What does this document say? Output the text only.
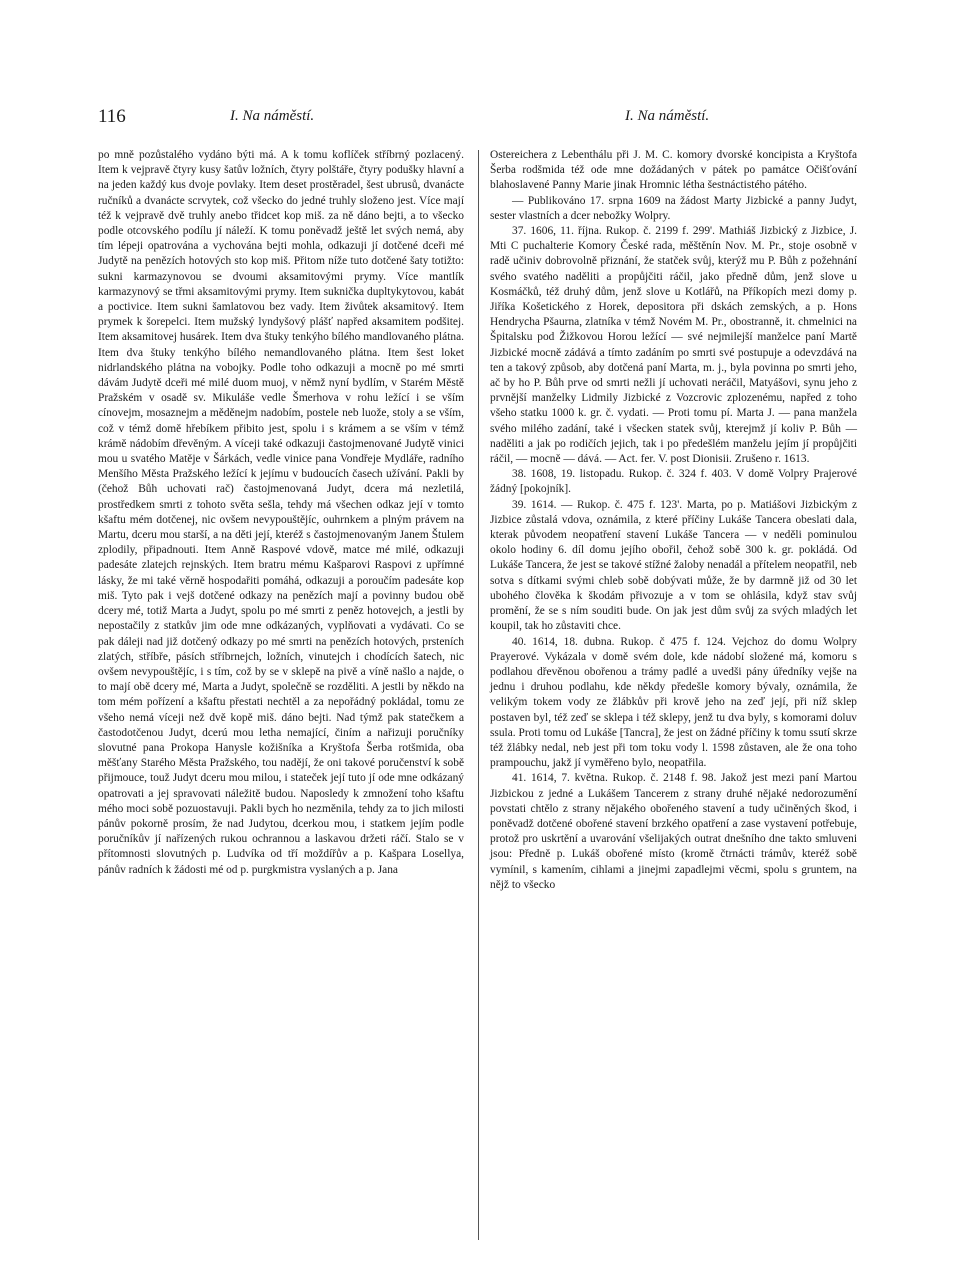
116	I. Na náměstí.	I. Na náměstí.

po mně pozůstalého vydáno býti má. A k tomu koflíček stříbrný pozlacený. Item k vejpravě čtyry kusy šatův ložních, čtyry polštáře, čtyry podušky hlavní a na jeden každý kus dvoje povlaky. Item deset prostěradel, šest ubrusů, dvanácte ručníků a dvanácte scrvytek, což všecko do jedné truhly složeno jest. Více mají též k vejpravě dvě truhly anebo třidcet kop miš. za ně dáno bejti, a to všecko podle otcovského podílu jí náleží. K tomu poněvadž ještě let svých nemá, aby tím lépeji opatrována a vychována bejti mohla, odkazuji jí dotčené dceři mé Judytě na penězích hotových sto kop miš. Přitom níže tuto dotčené šaty totižto: sukni karmazynovou se dvoumi aksamitovými prymy. Více mantlík karmazynový se třmi aksamitovými prymy. Item suknička dupltykytovou, kabát a poctivice. Item sukni šamlatovou bez vady. Item živůtek aksamitový. Item prymek k šorepelci. Item mužský lyndyšový plášť napřed aksamitem podšitej. Item aksamitovej husárek. Item dva štuky tenkýho bílého mandlovaného plátna. Item dva štuky tenkýho bílého nemandlovaného plátna. Item šest loket nidrlandského plátna na vobojky. Podle toho odkazuji a mocně po mé smrti dávám Judytě dceři mé milé duom muoj, v němž nyní bydlím, v Starém Městě Pražském v osadě sv. Mikuláše vedle Šmerhova v rohu ležící i se vším cínovejm, mosaznejm a měděnejm nadobím, postele neb luože, stoly a se vším, což v témž domě hřebíkem přibito jest, spolu i s krámem a se vším v témž krámě nádobím dřevěným. A víceji také odkazuji častojmenované Judytě vinici mou u svatého Matěje v Šárkách, vedle vinice pana Vondřeje Mydláře, radního Menšího Města Pražského ležící k jejímu v budoucích časech užívání. Pakli by (čehož Bůh uchovati rač) častojmenovaná Judyt, dcera má nezletilá, prostředkem smrti z tohoto světa sešla, tehdy má všechen odkaz její v tomto kšaftu mém dotčenej, nic ovšem nevypouštějíc, ouhrnkem a plným právem na Martu, dceru mou starší, a na děti její, kteréž s častojmenovaným Janem Štulem zplodily, připadnouti. Item Anně Raspové vdově, matce mé milé, odkazuji padesáte zlatejch rejnských. Item bratru mému Kašparovi Raspovi z upřímné lásky, že mi také věrně hospodařiti pomáhá, odkazuji a poroučím padesáte kop miš. Tyto pak i vejš dotčené odkazy na penězích mají a povinny budou obě dcery mé, totiž Marta a Judyt, spolu po mé smrti z peněz hotovejch, a jestli by nepostačily z statkův jim ode mne odkázaných, vyplňovati a vydávati. Co se pak dáleji nad již dotčený odkazy po mé smrti na penězích hotových, prsteních zlatých, stříbře, pásích stříbrnejch, ložních, vinutejch i chodících šatech, nic ovšem nevypouštějíc, i s tím, což by se v sklepě na pivě a víně našlo a najde, o to mají obě dcery mé, Marta a Judyt, společně se rozděliti. A jestli by někdo na tom mém pořízení a kšaftu přestati nechtěl a za nepořádný pokládal, tomu ze všeho nemá víceji než dvě kopě miš. dáno bejti. Nad týmž pak statečkem a častodotčenou Judyt, dcerú mou letha nemající, činím a nařizuji poručníky slovutné pana Prokopa Hanysle kožišníka a Kryštofa Šerba rotšmida, oba měšťany Starého Města Pražského, tou nadějí, že oni takové poručenství k sobě přijmouce, touž Judyt dceru mou milou, i stateček její tuto jí ode mne odkázaný opatrovati a jej spravovati náležitě budou. Naposledy k zmnožení toho kšaftu mého moci sobě pozuostavuji. Pakli bych ho nezměnila, tehdy za to jich milosti pánův pokorně prosím, že nad Judytou, dcerkou mou, i statkem jejím podle poručníkův jí nařízených rukou ochrannou a laskavou držeti ráčí. Stalo se v přítomnosti slovutných p. Ludvíka od tří moždířův a p. Kašpara Losellya, pánův radních k žádosti mé od p. purgkmistra vyslaných a p. Jana

Ostereichera z Lebenthálu při J. M. C. komory dvorské koncipista a Kryštofa Šerba rodšmida též ode mne dožádaných v pátek po památce Očišťování blahoslavené Panny Marie jinak Hromnic létha šestnáctistého pátého.

— Publikováno 17. srpna 1609 na žádost Marty Jizbické a panny Judyt, sester vlastních a dcer nebožky Wolpry.

37. 1606, 11. října. Rukop. č. 2199 f. 299'. Mathiáš Jizbický z Jizbice, J. Mti C puchalterie Komory České rada, měštěnín Nov. M. Pr., stoje osobně v radě učiniv dobrovolně přiznání, že statček svůj, kterýž mu P. Bůh z požehnání svého svatého naděliti a propůjčiti ráčil, jako předně dům, jenž slove u Kosmáčků, též druhý dům, jenž slove u Kotlářů, na Příkopích mezi domy p. Jiříka Košetického z Horek, depositora při dskách zemských, a p. Hons Hendrycha Pšaurna, zlatníka v témž Novém M. Pr., obostranně, it. chmelnici na Špitalsku pod Žižkovou Horou ležící — své nejmilejší manželce paní Martě Jizbické mocně zádává a tímto zadáním po smrti své postupuje a odevzdává na ten a takový způsob, aby dotčená paní Marta, m. j., byla povinna po smrti jeho, ač by ho P. Bůh prve od smrti nežli jí uchovati neráčil, Matyášovi, synu jeho z prvnější manželky Lidmily Jizbické z Vozcrovic zplozenému, napřed z toho všeho statku 1000 k. gr. č. vydati. — Proti tomu pí. Marta J. — pana manžela svého milého zadání, také i všecken statek svůj, kterejmž jí koliv P. Bůh — naděliti a jak po rodičích jejich, tak i po předešlém manželu jejím jí propůjčiti ráčil, — mocně — dává. — Act. fer. V. post Dionisii. Zrušeno r. 1613.

38. 1608, 19. listopadu. Rukop. č. 324 f. 403. V domě Volpry Prajerové žádný [pokojník].

39. 1614. — Rukop. č. 475 f. 123'. Marta, po p. Matiášovi Jizbickým z Jizbice zůstalá vdova, oznámila, z které příčiny Lukáše Tancera obeslati dala, kterak původem neopatření stavení Lukáše Tancera — v neděli pominulou okolo hodiny 6. díl domu jejího obořil, čehož sobě 300 k. gr. pokládá. Od Lukáše Tancera, že jest se takové stížné žaloby nenadál a přítelem neopatřil, neb sotva s dítkami svými chleb sobě dobývati může, že by darmně již od 30 let ubohého člověka k škodám přivozuje a v tom se ohlásila, když stav svůj promění, že se s ním souditi bude. On jak jest dům svůj za svých mladých let koupil, tak ho zůstaviti chce.

40. 1614, 18. dubna. Rukop. č 475 f. 124. Vejchoz do domu Wolpry Prayerové. Vykázala v domě svém dole, kde nádobí složené má, komoru s podlahou dřevěnou obořenou a trámy padlé a uvedši pány úředníky vejše na jednu i druhou podlahu, kde někdy předešle komory bývaly, oznámila, že velikým tokem vody ze žlábkův při krově jeho na zeď její, při níž sklep postaven byl, též zeď se sklepa i též sklepy, jenž tu dva byly, s komorami doluv ssula. Proti tomu od Lukáše [Tancra], že jest on žádné příčiny k tomu ssutí skrze též žlábky nedal, neb jest při tom toku vody l. 1598 zůstaven, ale že ona toho prampouchu, jakž jí vyměřeno bylo, neopatřila.

41. 1614, 7. května. Rukop. č. 2148 f. 98. Jakož jest mezi paní Martou Jizbickou z jedné a Lukášem Tancerem z strany druhé nějaké nedorozumění povstati chtělo z strany nějakého obořeného stavení a tudy učiněných škod, i poněvadž dotčené obořené stavení brzkého opatření a zase vystavení potřebuje, protož pro uskrtění a uvarování všelijakých outrat dnešního dne takto smluveni jsou: Předně p. Lukáš obořené místo (kromě čtrnácti trámův, kteréž sobě vymínil, s kamením, cihlami a jinejmi zapadlejmi věcmi, spolu s gruntem, na nějž to všecko
